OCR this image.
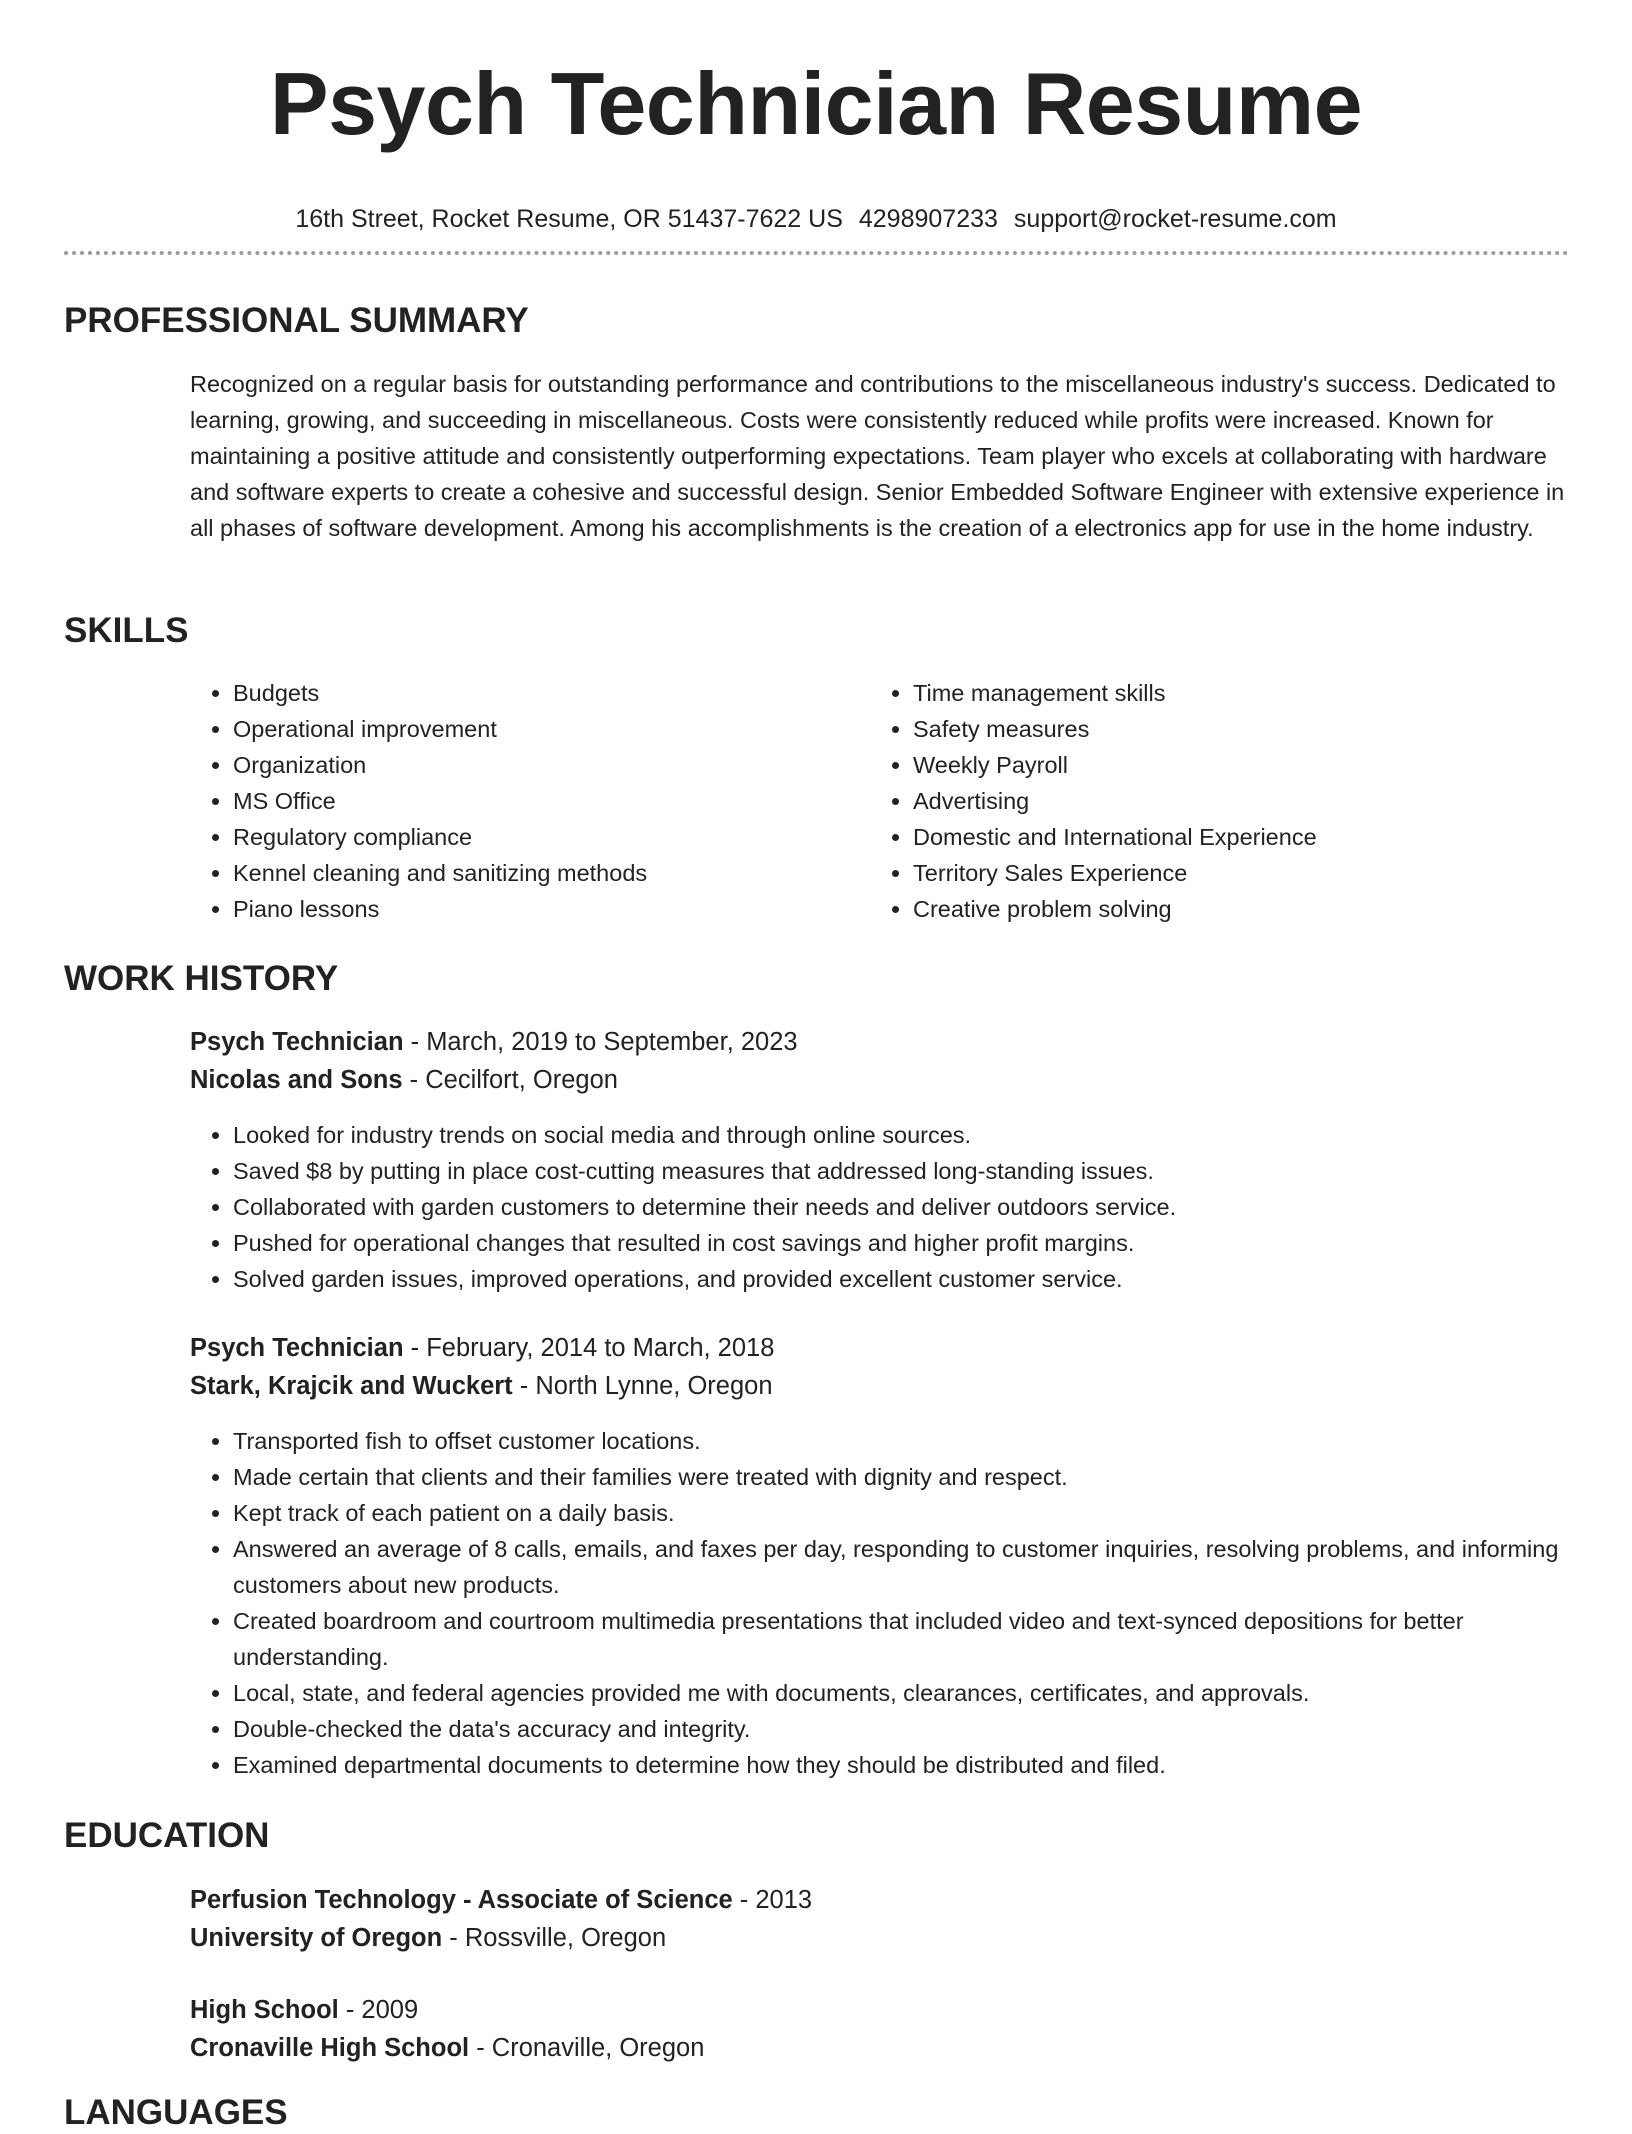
Psych Technician Resume
16th Street, Rocket Resume, OR 51437-7622 US 4298907233 support@rocket-resume.com
PROFESSIONAL SUMMARY

Recognized on a regular basis for outstanding performance and contributions to the miscellaneous industry's success. Dedicated to learning, growing, and succeeding in miscellaneous. Costs were consistently reduced while profits were increased. Known for maintaining a positive attitude and consistently outperforming expectations. Team player who excels at collaborating with hardware and software experts to create a cohesive and successful design. Senior Embedded Software Engineer with extensive experience in all phases of software development. Among his accomplishments is the creation of a electronics app for use in the home industry.

SKILLS
• Budgets
• Operational improvement
• Organization
• MS Office
• Regulatory compliance
• Kennel cleaning and sanitizing methods
• Piano lessons
• Time management skills
• Safety measures
• Weekly Payroll
• Advertising
• Domestic and International Experience
• Territory Sales Experience
• Creative problem solving
WORK HISTORY

Psych Technician - March, 2019 to September, 2023

Nicolas and Sons - Cecilfort, Oregon

• Looked for industry trends on social media and through online sources.
• Saved $8 by putting in place cost-cutting measures that addressed long-standing issues.
• Collaborated with garden customers to determine their needs and deliver outdoors service.
• Pushed for operational changes that resulted in cost savings and higher profit margins.
• Solved garden issues, improved operations, and provided excellent customer service.

Psych Technician - February, 2014 to March, 2018

Stark, Krajcik and Wuckert - North Lynne, Oregon

• Transported fish to offset customer locations.
• Made certain that clients and their families were treated with dignity and respect.
• Kept track of each patient on a daily basis.
• Answered an average of 8 calls, emails, and faxes per day, responding to customer inquiries, resolving problems, and informing customers about new products.
• Created boardroom and courtroom multimedia presentations that included video and text-synced depositions for better understanding.
• Local, state, and federal agencies provided me with documents, clearances, certificates, and approvals.
• Double-checked the data's accuracy and integrity.
• Examined departmental documents to determine how they should be distributed and filed.
EDUCATION

Perfusion Technology - Associate of Science - 2013

University of Oregon - Rossville, Oregon

High School - 2009

Cronaville High School - Cronaville, Oregon

LANGUAGES
